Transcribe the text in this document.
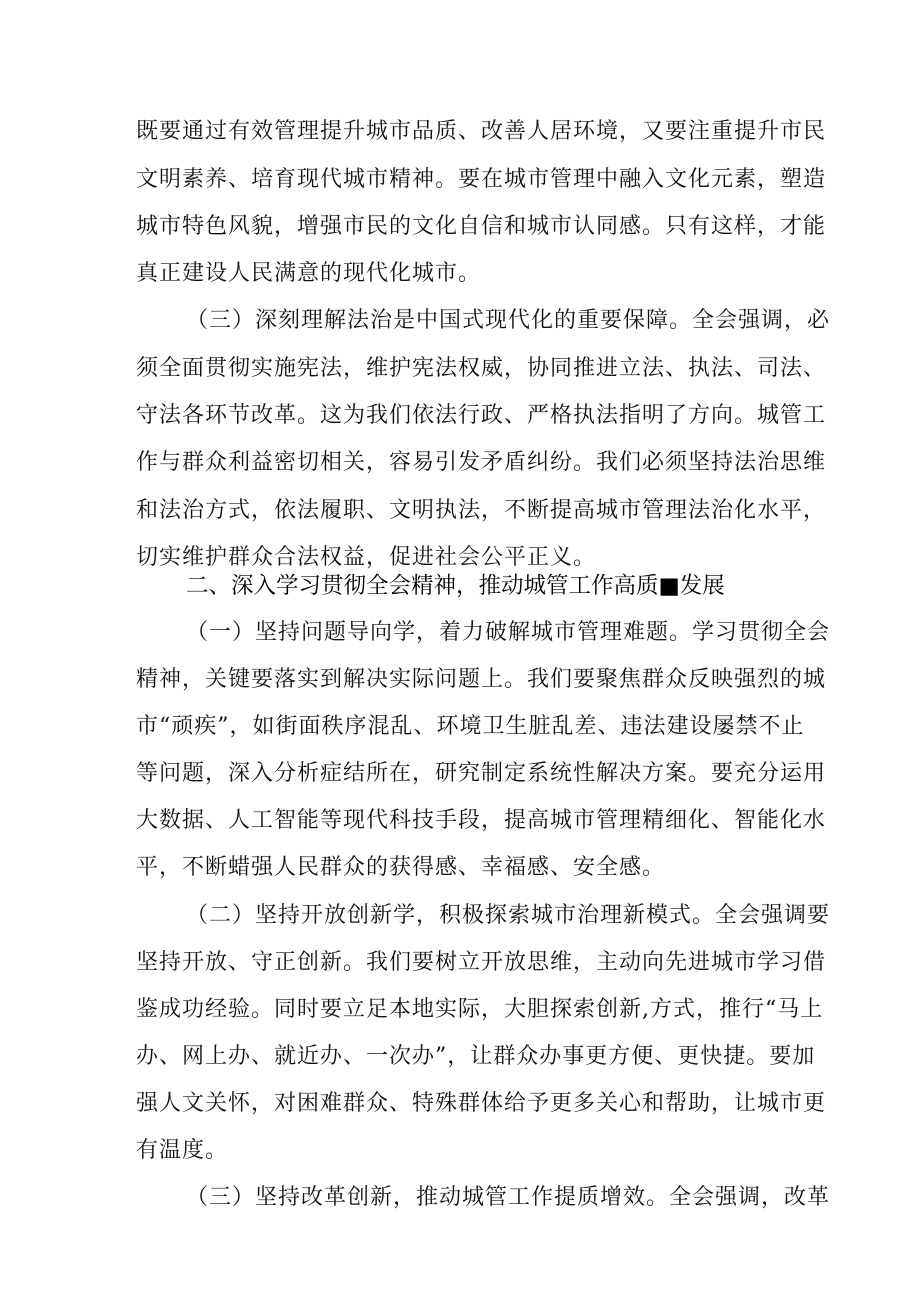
既要通过有效管理提升城市品质、改善人居环境，又要注重提升市民
文明素养、培育现代城市精神。要在城市管理中融入文化元素，塑造
城市特色风貌，增强市民的文化自信和城市认同感。只有这样，才能
真正建设人民满意的现代化城市。
（三）深刻理解法治是中国式现代化的重要保障。全会强调，必
须全面贯彻实施宪法，维护宪法权威，协同推进立法、执法、司法、
守法各环节改革。这为我们依法行政、严格执法指明了方向。城管工
作与群众利益密切相关，容易引发矛盾纠纷。我们必须坚持法治思维
和法治方式，依法履职、文明执法，不断提高城市管理法治化水平，
切实维护群众合法权益，促进社会公平正义。
二、深入学习贯彻全会精神，推动城管工作高质■发展
（一）坚持问题导向学，着力破解城市管理难题。学习贯彻全会
精神，关键要落实到解决实际问题上。我们要聚焦群众反映强烈的城
市“顽疾”，如街面秩序混乱、环境卫生脏乱差、违法建设屡禁不止
等问题，深入分析症结所在，研究制定系统性解决方案。要充分运用
大数据、人工智能等现代科技手段，提高城市管理精细化、智能化水
平，不断蜡强人民群众的获得感、幸福感、安全感。
（二）坚持开放创新学，积极探索城市治理新模式。全会强调要
坚持开放、守正创新。我们要树立开放思维，主动向先进城市学习借
鉴成功经验。同时要立足本地实际，大胆探索创新,方式，推行“马上
办、网上办、就近办、一次办”，让群众办事更方便、更快捷。要加
强人文关怀，对困难群众、特殊群体给予更多关心和帮助，让城市更
有温度。
（三）坚持改革创新，推动城管工作提质增效。全会强调，改革
